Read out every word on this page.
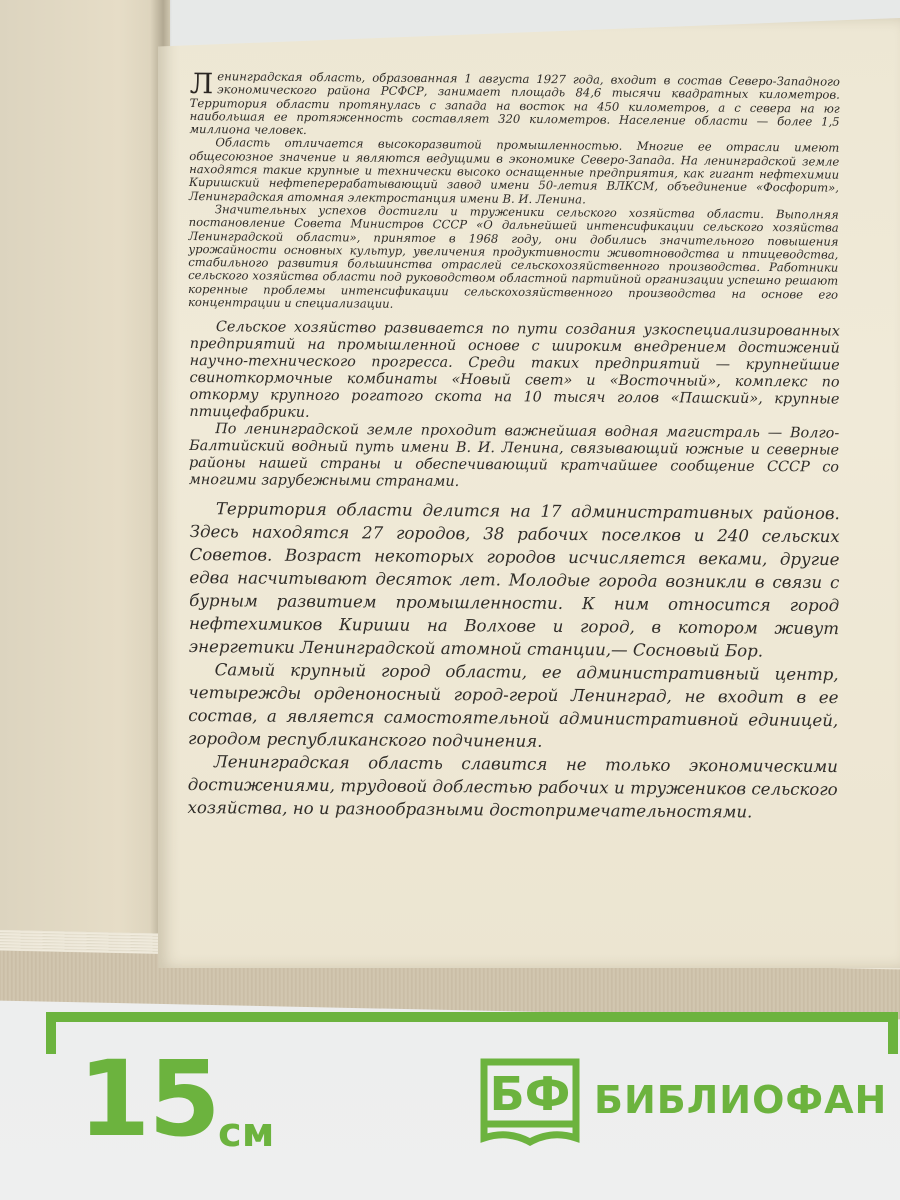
Ленинградская область, образованная 1 августа 1927 года, входит в состав Северо-Западного экономического района РСФСР, занимает площадь 84,6 тысячи квадратных километров. Территория области протянулась с запада на восток на 450 километров, а с севера на юг наибольшая ее протяженность составляет 320 километров. Население области — более 1,5 миллиона человек.

Область отличается высокоразвитой промышленностью. Многие ее отрасли имеют общесоюзное значение и являются ведущими в экономике Северо-Запада. На ленинградской земле находятся такие крупные и технически высоко оснащенные предприятия, как гигант нефтехимии Киришский нефтеперерабатывающий завод имени 50-летия ВЛКСМ, объединение «Фосфорит», Ленинградская атомная электростанция имени В. И. Ленина.

Значительных успехов достигли и труженики сельского хозяйства области. Выполняя постановление Совета Министров СССР «О дальнейшей интенсификации сельского хозяйства Ленинградской области», принятое в 1968 году, они добились значительного повышения урожайности основных культур, увеличения продуктивности животноводства и птицеводства, стабильного развития большинства отраслей сельскохозяйственного производства. Работники сельского хозяйства области под руководством областной партийной организации успешно решают коренные проблемы интенсификации сельскохозяйственного производства на основе его концентрации и специализации.

Сельское хозяйство развивается по пути создания узкоспециализированных предприятий на промышленной основе с широким внедрением достижений научно-технического прогресса. Среди таких предприятий — крупнейшие свиноткормочные комбинаты «Новый свет» и «Восточный», комплекс по откорму крупного рогатого скота на 10 тысяч голов «Пашский», крупные птицефабрики.

По ленинградской земле проходит важнейшая водная магистраль — Волго-Балтийский водный путь имени В. И. Ленина, связывающий южные и северные районы нашей страны и обеспечивающий кратчайшее сообщение СССР со многими зарубежными странами.

Территория области делится на 17 административных районов. Здесь находятся 27 городов, 38 рабочих поселков и 240 сельских Советов. Возраст некоторых городов исчисляется веками, другие едва насчитывают десяток лет. Молодые города возникли в связи с бурным развитием промышленности. К ним относится город нефтехимиков Кириши на Волхове и город, в котором живут энергетики Ленинградской атомной станции,— Сосновый Бор.

Самый крупный город области, ее административный центр, четырежды орденоносный город-герой Ленинград, не входит в ее состав, а является самостоятельной административной единицей, городом республиканского подчинения.

Ленинградская область славится не только экономическими достижениями, трудовой доблестью рабочих и тружеников сельского хозяйства, но и разнообразными достопримечательностями.

15 см
БФ БИБЛИОФАН
